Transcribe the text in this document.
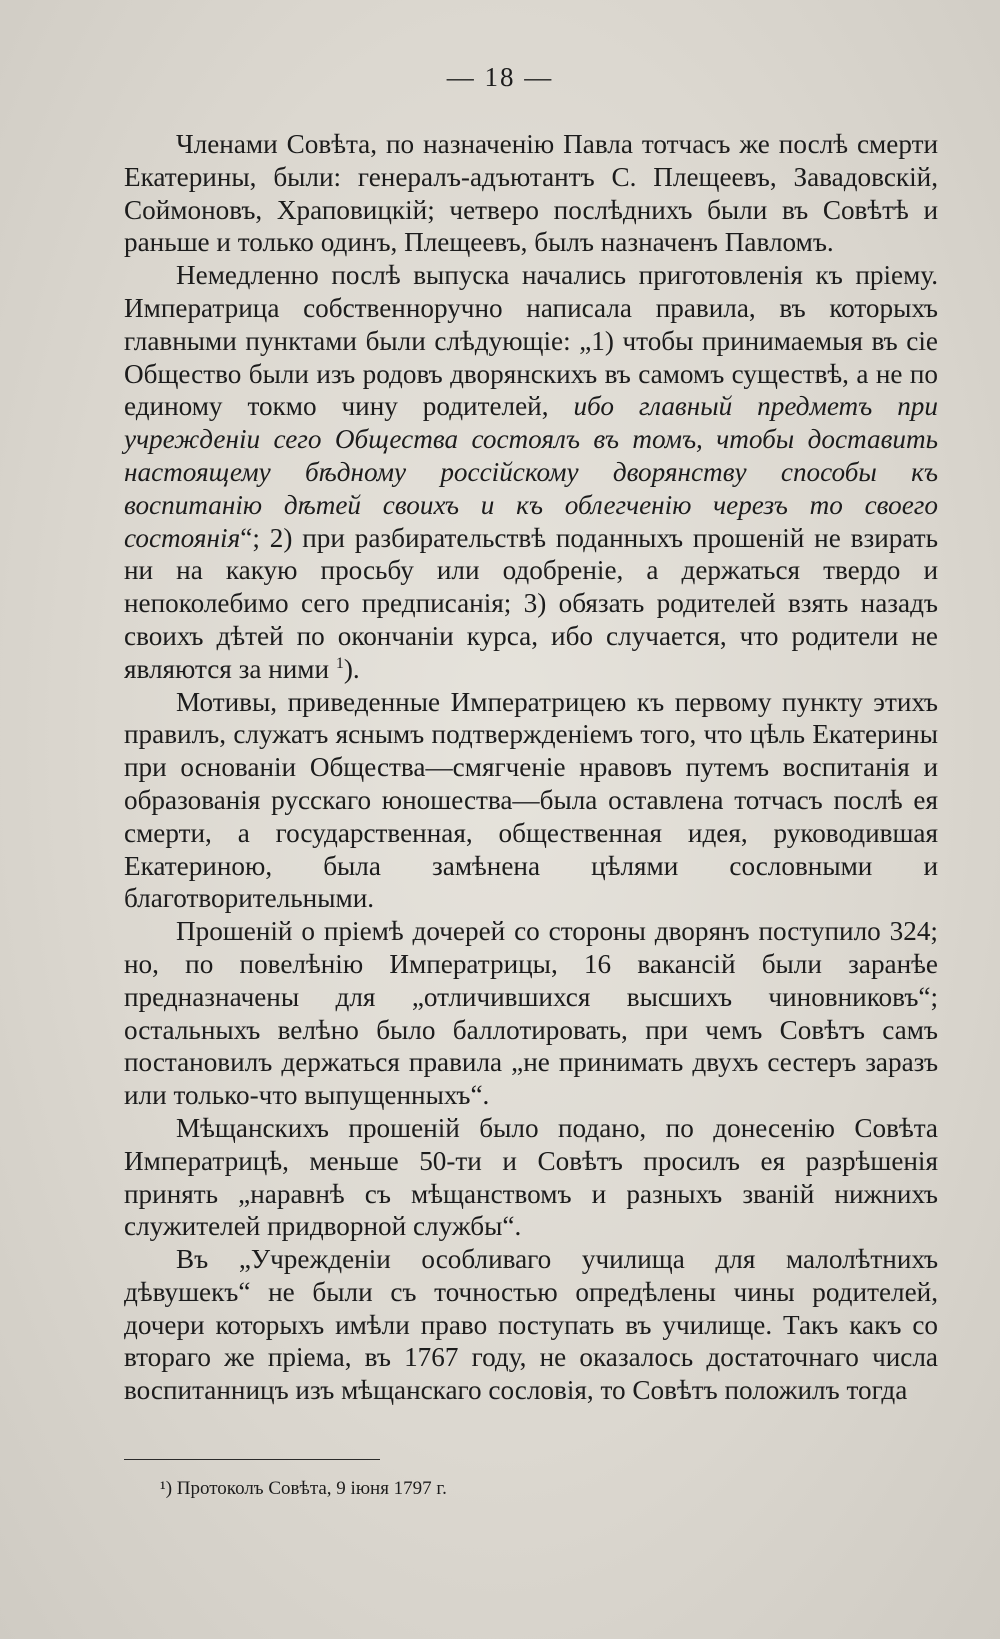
— 18 —

Членами Совѣта, по назначенію Павла тотчасъ же послѣ смерти Екатерины, были: генералъ-адъютантъ С. Плещеевъ, Завадовскій, Соймоновъ, Храповицкій; четверо послѣднихъ были въ Совѣтѣ и раньше и только одинъ, Плещеевъ, былъ назначенъ Павломъ.

Немедленно послѣ выпуска начались приготовленія къ пріему. Императрица собственноручно написала правила, въ которыхъ главными пунктами были слѣдующіе: „1) чтобы принимаемыя въ сіе Общество были изъ родовъ дворянскихъ въ самомъ существѣ, а не по единому токмо чину родителей, ибо главный предметъ при учрежденіи сего Общества состоялъ въ томъ, чтобы доставить настоящему бѣдному россійскому дворянству способы къ воспитанію дѣтей своихъ и къ облегченію черезъ то своего состоянія“; 2) при разбирательствѣ поданныхъ прошеній не взирать ни на какую просьбу или одобреніе, а держаться твердо и непоколебимо сего предписанія; 3) обязать родителей взять назадъ своихъ дѣтей по окончаніи курса, ибо случается, что родители не являются за ними $^1$).

Мотивы, приведенные Императрицею къ первому пункту этихъ правилъ, служатъ яснымъ подтвержденіемъ того, что цѣль Екатерины при основаніи Общества—смягченіе нравовъ путемъ воспитанія и образованія русскаго юношества—была оставлена тотчасъ послѣ ея смерти, а государственная, общественная идея, руководившая Екатериною, была замѣнена цѣлями сословными и благотворительными.

Прошеній о пріемѣ дочерей со стороны дворянъ поступило 324; но, по повелѣнію Императрицы, 16 вакансій были заранѣе предназначены для „отличившихся высшихъ чиновниковъ“; остальныхъ велѣно было баллотировать, при чемъ Совѣтъ самъ постановилъ держаться правила „не принимать двухъ сестеръ заразъ или только-что выпущенныхъ“.

Мѣщанскихъ прошеній было подано, по донесенію Совѣта Императрицѣ, меньше 50-ти и Совѣтъ просилъ ея разрѣшенія принять „наравнѣ съ мѣщанствомъ и разныхъ званій нижнихъ служителей придворной службы“.

Въ „Учрежденіи особливаго училища для малолѣтнихъ дѣвушекъ“ не были съ точностью опредѣлены чины родителей, дочери которыхъ имѣли право поступать въ училище. Такъ какъ со втораго же пріема, въ 1767 году, не оказалось достаточнаго числа воспитанницъ изъ мѣщанскаго сословія, то Совѣтъ положилъ тогда

¹) Протоколъ Совѣта, 9 іюня 1797 г.
